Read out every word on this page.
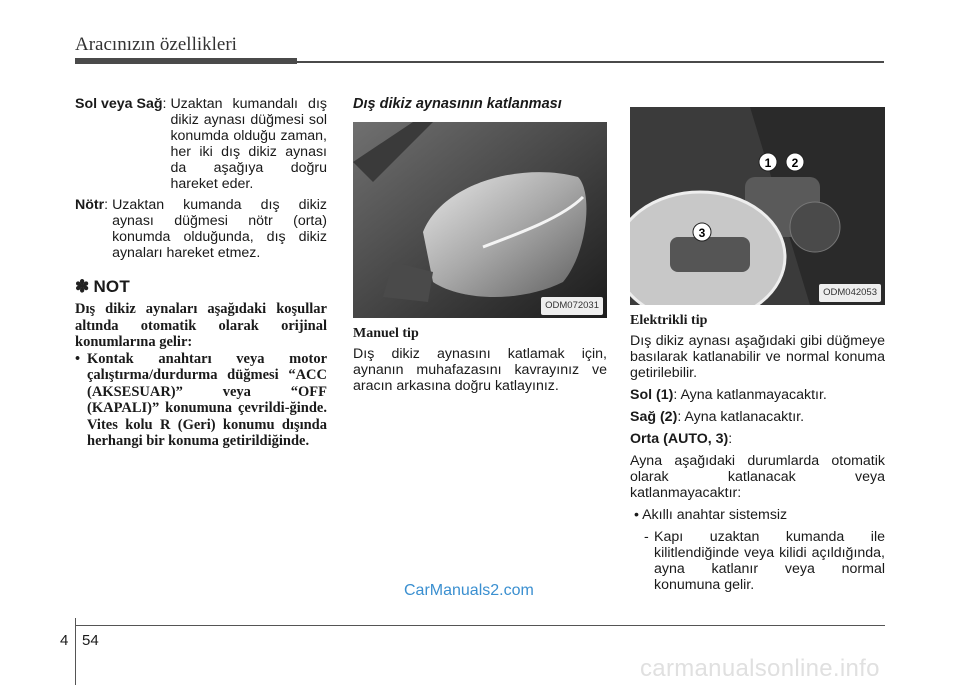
Aracınızın özellikleri
Sol veya Sağ : Uzaktan kumandalı dış dikiz aynası düğmesi sol konumda olduğu zaman, her iki dış dikiz aynası da aşağıya doğru hareket eder.
Nötr : Uzaktan kumanda dış dikiz aynası düğmesi nötr (orta) konumda olduğunda, dış dikiz aynaları hareket etmez.
✽ NOT
Dış dikiz aynaları aşağıdaki koşullar altında otomatik olarak orijinal konumlarına gelir:
• Kontak anahtarı veya motor çalıştırma/durdurma düğmesi “ACC (AKSESUAR)” veya “OFF (KAPALI)” konumuna çevrildi-ğinde. Vites kolu R (Geri) konumu dışında herhangi bir konuma getirildiğinde.
Dış dikiz aynasının katlanması
ODM072031
Manuel tip

Dış dikiz aynasını katlamak için, aynanın muhafazasını kavrayınız ve aracın arkasına doğru katlayınız.

1 2
3
ODM042053
Elektrikli tip

Dış dikiz aynası aşağıdaki gibi düğmeye basılarak katlanabilir ve normal konuma getirilebilir.

Sol (1): Ayna katlanmayacaktır.

Sağ (2): Ayna katlanacaktır.

Orta (AUTO, 3):

Ayna aşağıdaki durumlarda otomatik olarak katlanacak veya katlanmayacaktır:

• Akıllı anahtar sistemsiz

- Kapı uzaktan kumanda ile kilitlendiğinde veya kilidi açıldığında, ayna katlanır veya normal konumuna gelir.
CarManuals2.com
4 54
carmanualsonline.info
